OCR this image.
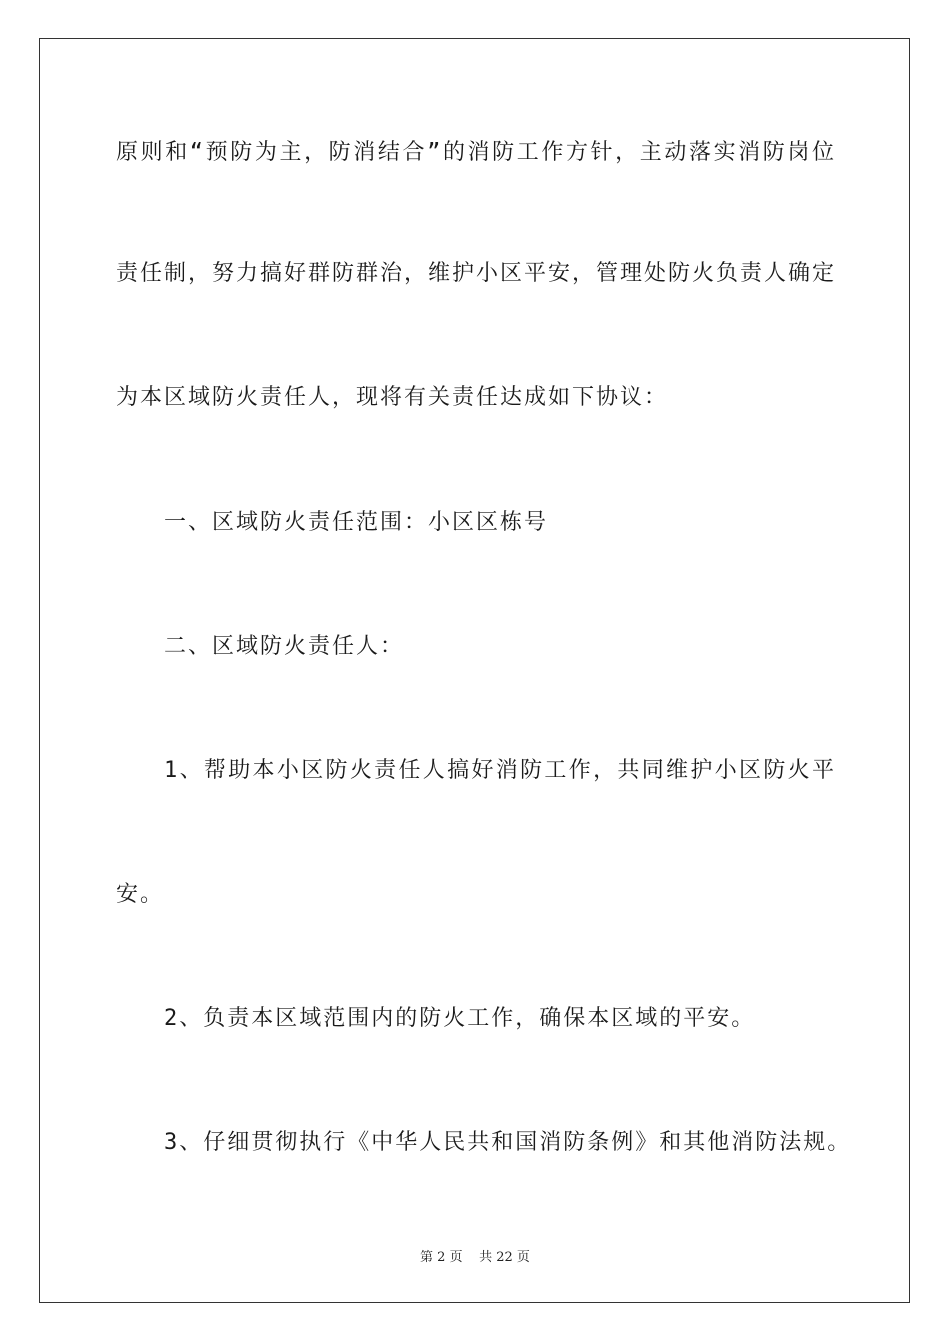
原则和“预防为主，防消结合”的消防工作方针，主动落实消防岗位
责任制，努力搞好群防群治，维护小区平安，管理处防火负责人确定
为本区域防火责任人，现将有关责任达成如下协议：
一、区域防火责任范围：小区区栋号
二、区域防火责任人：
1、帮助本小区防火责任人搞好消防工作，共同维护小区防火平
安。
2、负责本区域范围内的防火工作，确保本区域的平安。
3、仔细贯彻执行《中华人民共和国消防条例》和其他消防法规。
第 2 页 共 22 页
